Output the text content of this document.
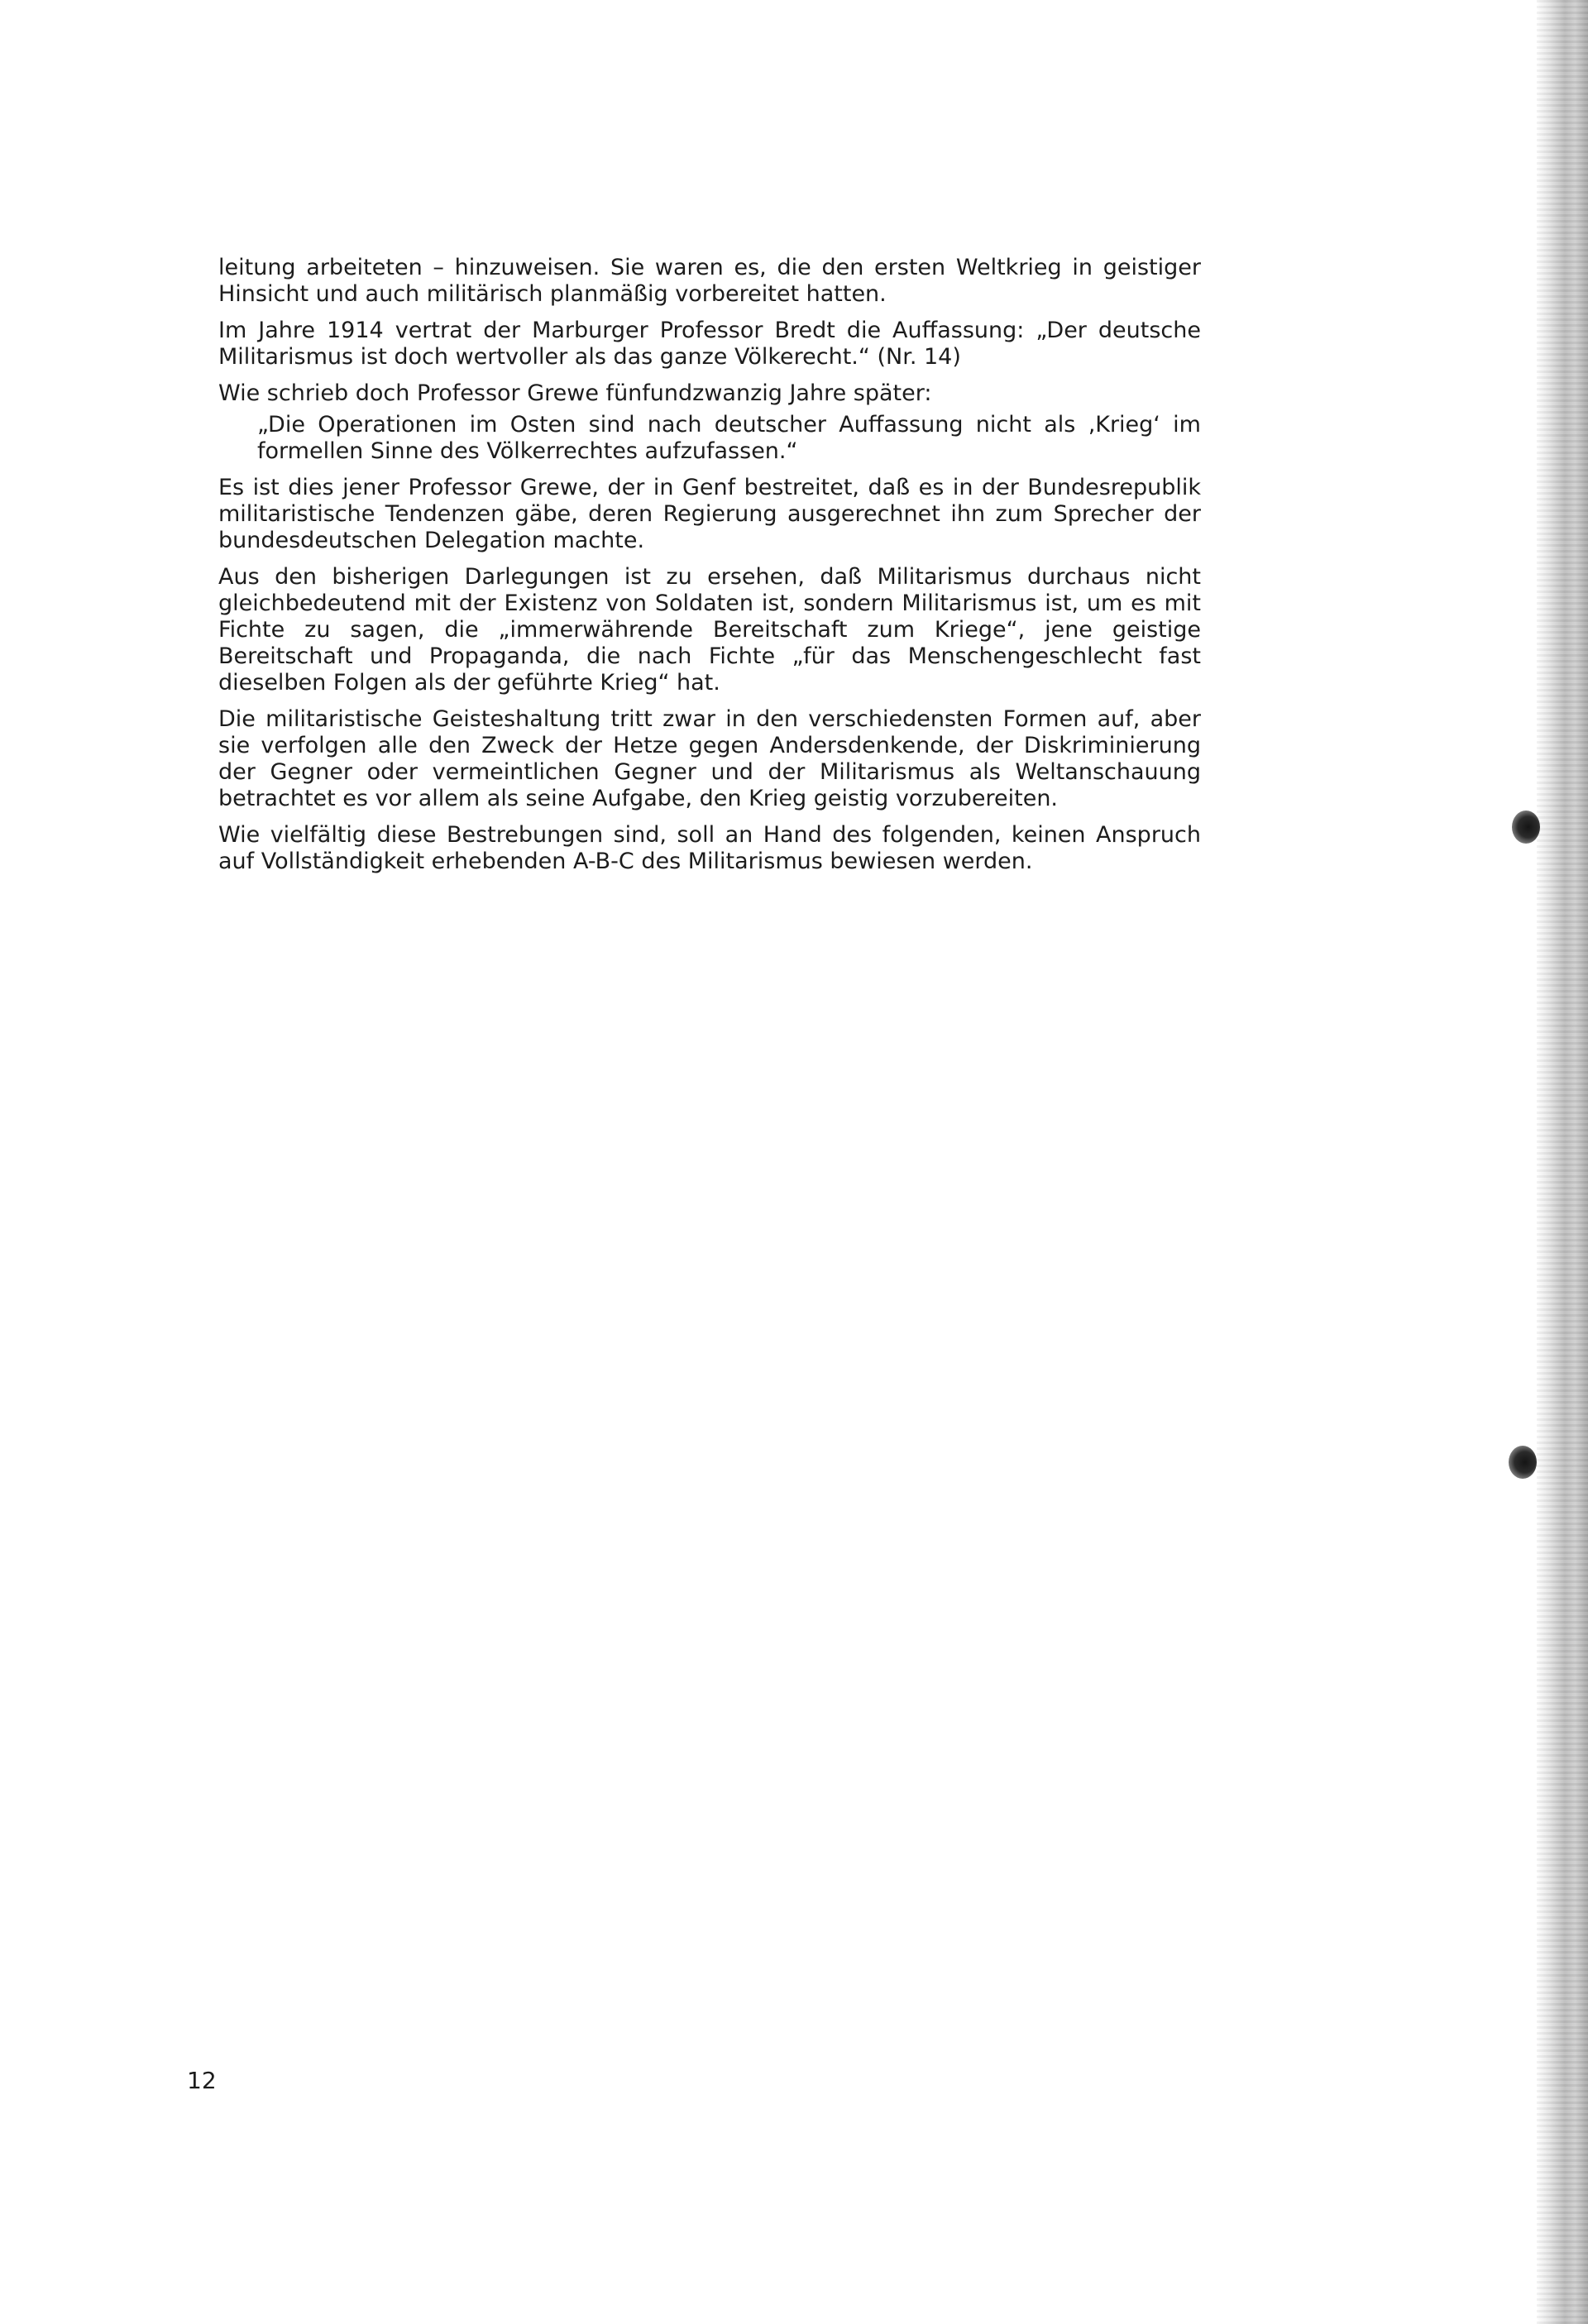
leitung arbeiteten – hinzuweisen. Sie waren es, die den ersten Weltkrieg in geistiger Hinsicht und auch militärisch planmäßig vorbereitet hatten.

Im Jahre 1914 vertrat der Marburger Professor Bredt die Auffassung: „Der deutsche Militarismus ist doch wertvoller als das ganze Völkerecht.“ (Nr. 14)

Wie schrieb doch Professor Grewe fünfundzwanzig Jahre später:

„Die Operationen im Osten sind nach deutscher Auffassung nicht als ‚Krieg‘ im formellen Sinne des Völkerrechtes aufzufassen.“

Es ist dies jener Professor Grewe, der in Genf bestreitet, daß es in der Bundesrepublik militaristische Tendenzen gäbe, deren Regierung ausgerechnet ihn zum Sprecher der bundesdeutschen Delegation machte.

Aus den bisherigen Darlegungen ist zu ersehen, daß Militarismus durchaus nicht gleichbedeutend mit der Existenz von Soldaten ist, sondern Militarismus ist, um es mit Fichte zu sagen, die „immerwährende Bereitschaft zum Kriege“, jene geistige Bereitschaft und Propaganda, die nach Fichte „für das Menschengeschlecht fast dieselben Folgen als der geführte Krieg“ hat.

Die militaristische Geisteshaltung tritt zwar in den verschiedensten Formen auf, aber sie verfolgen alle den Zweck der Hetze gegen Andersdenkende, der Diskriminierung der Gegner oder vermeintlichen Gegner und der Militarismus als Weltanschauung betrachtet es vor allem als seine Aufgabe, den Krieg geistig vorzubereiten.

Wie vielfältig diese Bestrebungen sind, soll an Hand des folgenden, keinen Anspruch auf Vollständigkeit erhebenden A-B-C des Militarismus bewiesen werden.

12
